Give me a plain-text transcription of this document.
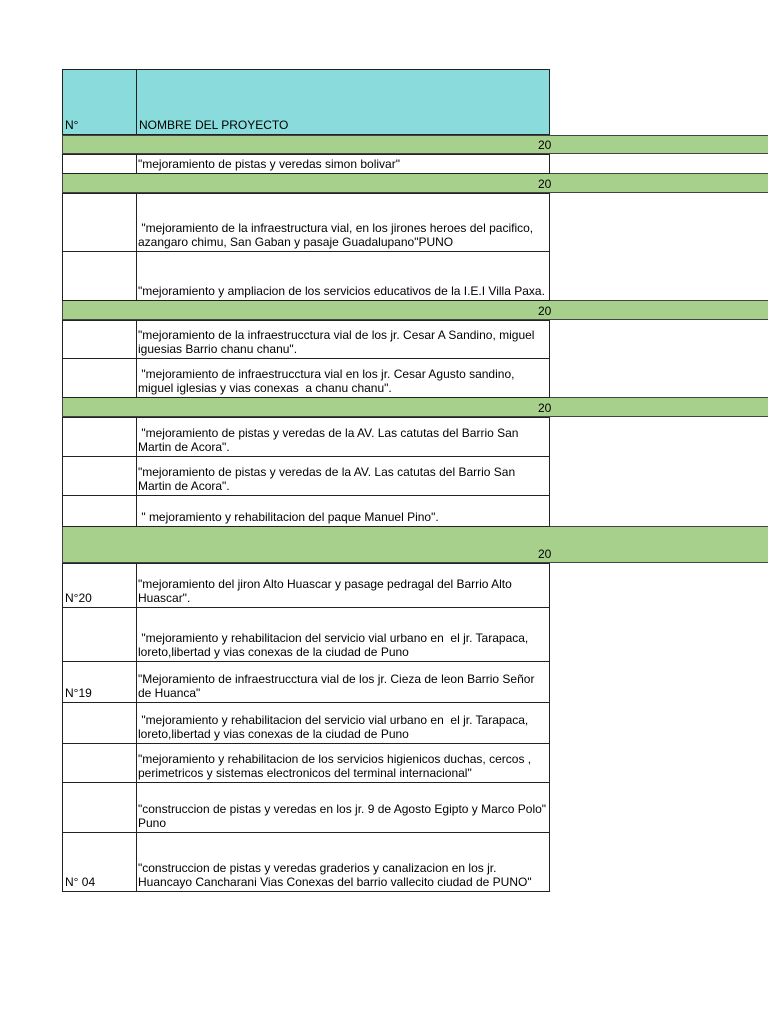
N°	NOMBRE DEL PROYECTO
20
20
20
20
20
"mejoramiento de pistas y veredas simon bolivar"
"mejoramiento de la infraestructura vial, en los jirones heroes del pacifico, azangaro chimu, San Gaban y pasaje Guadalupano"PUNO
"mejoramiento y ampliacion de los servicios educativos de la I.E.I Villa Paxa.
"mejoramiento de la infraestrucctura vial de los jr. Cesar A Sandino, miguel iguesias Barrio chanu chanu".
"mejoramiento de infraestrucctura vial en los jr. Cesar Agusto sandino, miguel iglesias y vias conexas  a chanu chanu".
"mejoramiento de pistas y veredas de la AV. Las catutas del Barrio San Martin de Acora".
"mejoramiento de pistas y veredas de la AV. Las catutas del Barrio San Martin de Acora".
" mejoramiento y rehabilitacion del paque Manuel Pino".
N°20
"mejoramiento del jiron Alto Huascar y pasage pedragal del Barrio Alto Huascar".
"mejoramiento y rehabilitacion del servicio vial urbano en  el jr. Tarapaca, loreto,libertad y vias conexas de la ciudad de Puno
N°19
"Mejoramiento de infraestrucctura vial de los jr. Cieza de leon Barrio Señor de Huanca"
"mejoramiento y rehabilitacion del servicio vial urbano en  el jr. Tarapaca, loreto,libertad y vias conexas de la ciudad de Puno
"mejoramiento y rehabilitacion de los servicios higienicos duchas, cercos , perimetricos y sistemas electronicos del terminal internacional"
"construccion de pistas y veredas en los jr. 9 de Agosto Egipto y Marco Polo" Puno
N° 04
"construccion de pistas y veredas graderios y canalizacion en los jr. Huancayo Cancharani Vias Conexas del barrio vallecito ciudad de PUNO"
